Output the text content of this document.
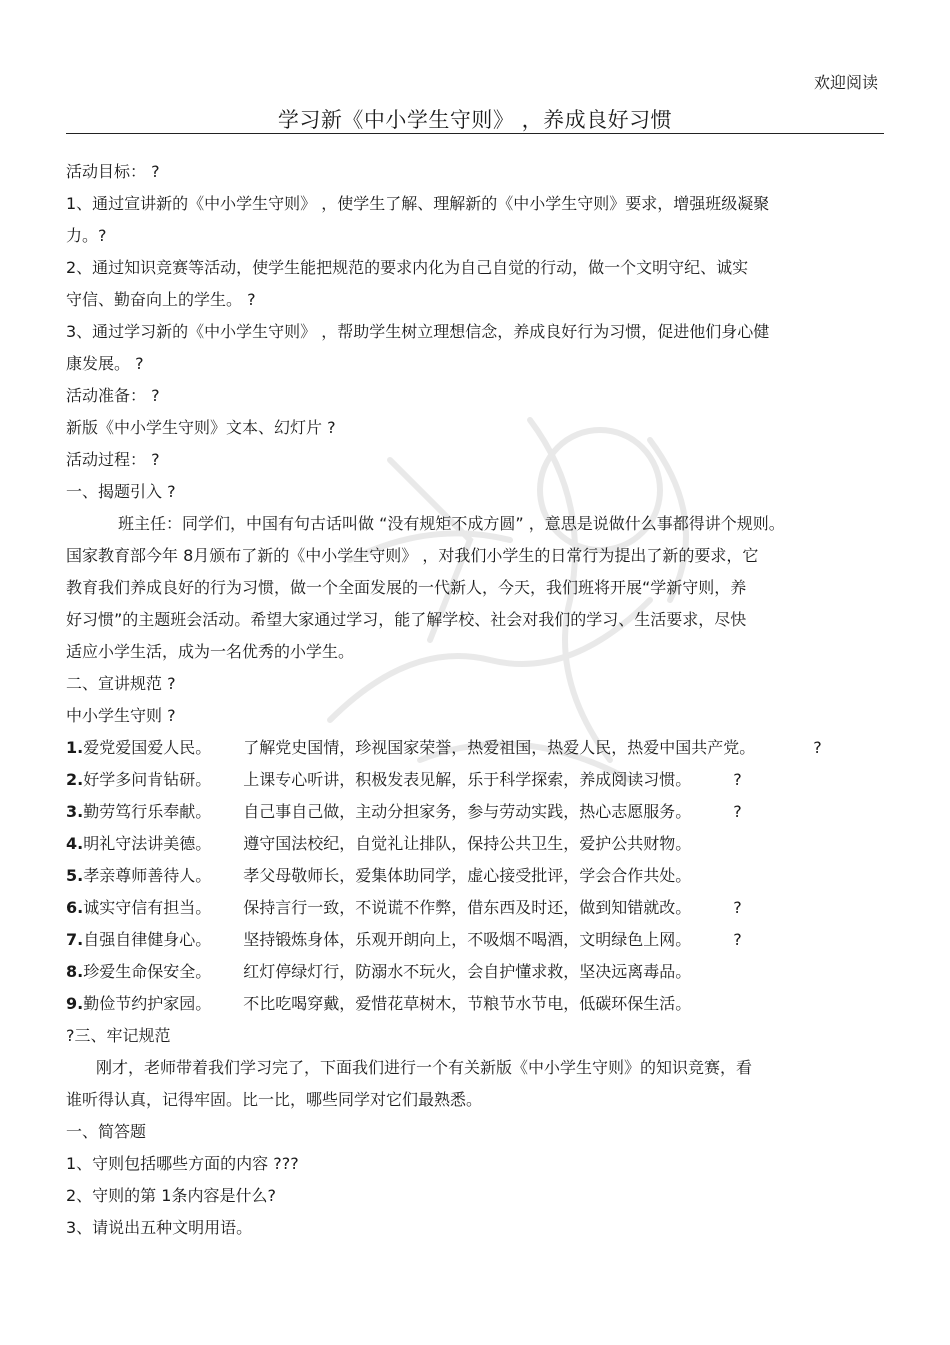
欢迎阅读
学习新《中小学生守则》 ，养成良好习惯
活动目标： ?
1、通过宣讲新的《中小学生守则》 ，使学生了解、理解新的《中小学生守则》要求，增强班级凝聚
力。?
2、通过知识竞赛等活动，使学生能把规范的要求内化为自己自觉的行动，做一个文明守纪、诚实
守信、勤奋向上的学生。 ?
3、通过学习新的《中小学生守则》 ，帮助学生树立理想信念，养成良好行为习惯，促进他们身心健
康发展。 ?
活动准备： ?
新版《中小学生守则》文本、幻灯片 ?
活动过程： ?
一、揭题引入 ?
班主任：同学们，中国有句古话叫做 “没有规矩不成方圆” ，意思是说做什么事都得讲个规则。
国家教育部今年 8月颁布了新的《中小学生守则》 ，对我们小学生的日常行为提出了新的要求，它
教育我们养成良好的行为习惯，做一个全面发展的一代新人，今天，我们班将开展“学新守则，养
好习惯”的主题班会活动。希望大家通过学习，能了解学校、社会对我们的学习、生活要求，尽快
适应小学生活，成为一名优秀的小学生。
二、宣讲规范 ?
中小学生守则 ?
1. 爱党爱国爱人民。	了解党史国情，珍视国家荣誉，热爱祖国，热爱人民，热爱中国共产党。	?
2. 好学多问肯钻研。	上课专心听讲，积极发表见解，乐于科学探索，养成阅读习惯。	?
3. 勤劳笃行乐奉献。	自己事自己做，主动分担家务，参与劳动实践，热心志愿服务。	?
4. 明礼守法讲美德。	遵守国法校纪，自觉礼让排队，保持公共卫生，爱护公共财物。
5. 孝亲尊师善待人。	孝父母敬师长，爱集体助同学，虚心接受批评，学会合作共处。
6. 诚实守信有担当。	保持言行一致，不说谎不作弊，借东西及时还，做到知错就改。	?
7. 自强自律健身心。	坚持锻炼身体，乐观开朗向上，不吸烟不喝酒，文明绿色上网。	?
8. 珍爱生命保安全。	红灯停绿灯行，防溺水不玩火，会自护懂求救，坚决远离毒品。
9. 勤俭节约护家园。	不比吃喝穿戴，爱惜花草树木，节粮节水节电，低碳环保生活。
?三、牢记规范
刚才，老师带着我们学习完了，下面我们进行一个有关新版《中小学生守则》的知识竞赛，看
谁听得认真，记得牢固。比一比，哪些同学对它们最熟悉。
一、简答题
1、守则包括哪些方面的内容 ???
2、守则的第 1条内容是什么?
3、请说出五种文明用语。
